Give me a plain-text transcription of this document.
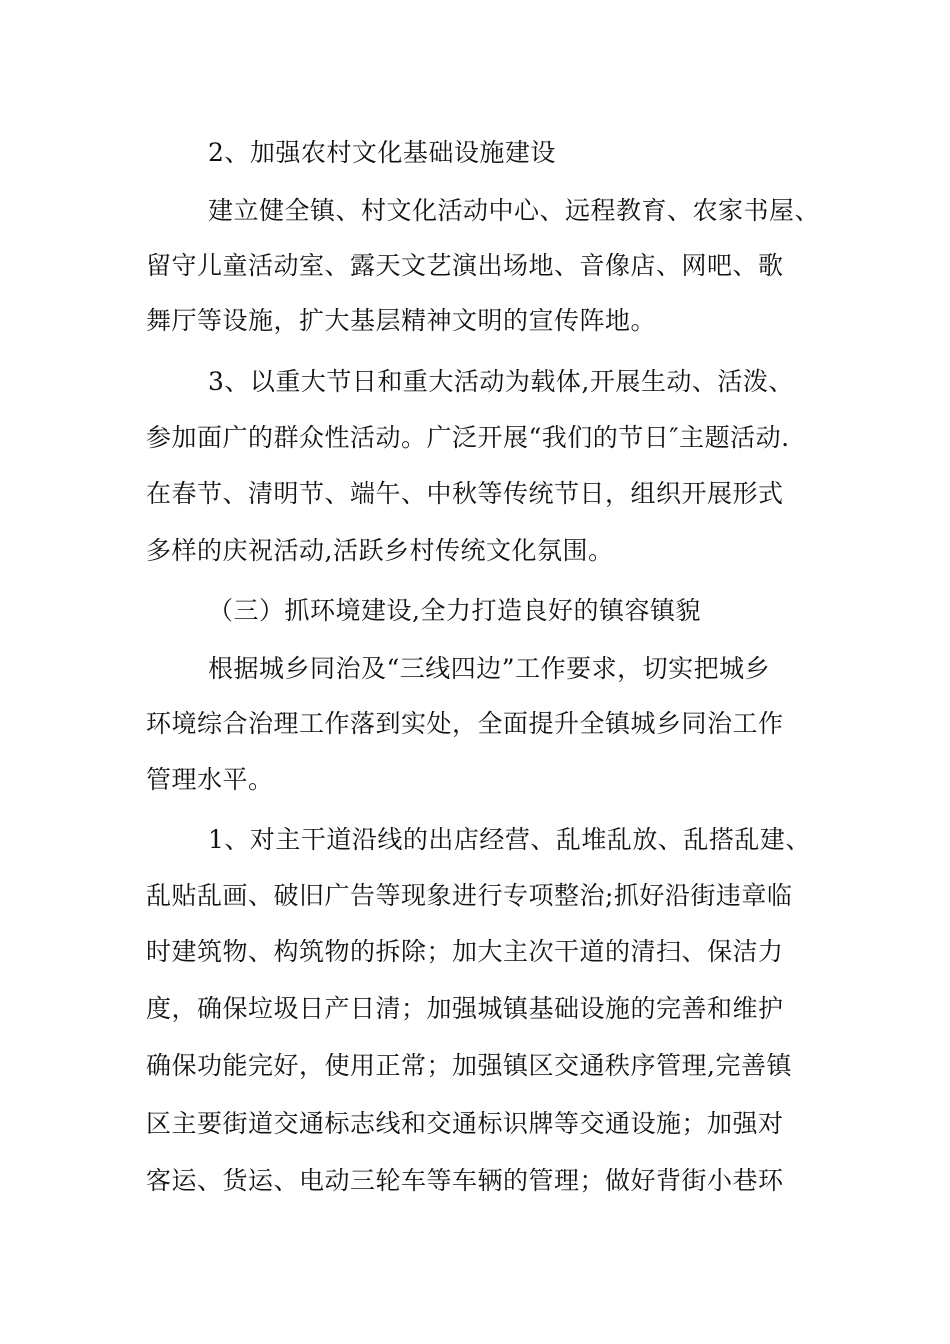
2、加强农村文化基础设施建设
建立健全镇、村文化活动中心、远程教育、农家书屋、
留守儿童活动室、露天文艺演出场地、音像店、网吧、歌
舞厅等设施，扩大基层精神文明的宣传阵地。
3、以重大节日和重大活动为载体,开展生动、活泼、
参加面广的群众性活动。广泛开展“我们的节日″主题活动.
在春节、清明节、端午、中秋等传统节日，组织开展形式
多样的庆祝活动,活跃乡村传统文化氛围。
（三）抓环境建设,全力打造良好的镇容镇貌
根据城乡同治及“三线四边”工作要求，切实把城乡
环境综合治理工作落到实处，全面提升全镇城乡同治工作
管理水平。
1、对主干道沿线的出店经营、乱堆乱放、乱搭乱建、
乱贴乱画、破旧广告等现象进行专项整治;抓好沿街违章临
时建筑物、构筑物的拆除；加大主次干道的清扫、保洁力
度，确保垃圾日产日清；加强城镇基础设施的完善和维护
确保功能完好，使用正常；加强镇区交通秩序管理,完善镇
区主要街道交通标志线和交通标识牌等交通设施；加强对
客运、货运、电动三轮车等车辆的管理；做好背街小巷环
